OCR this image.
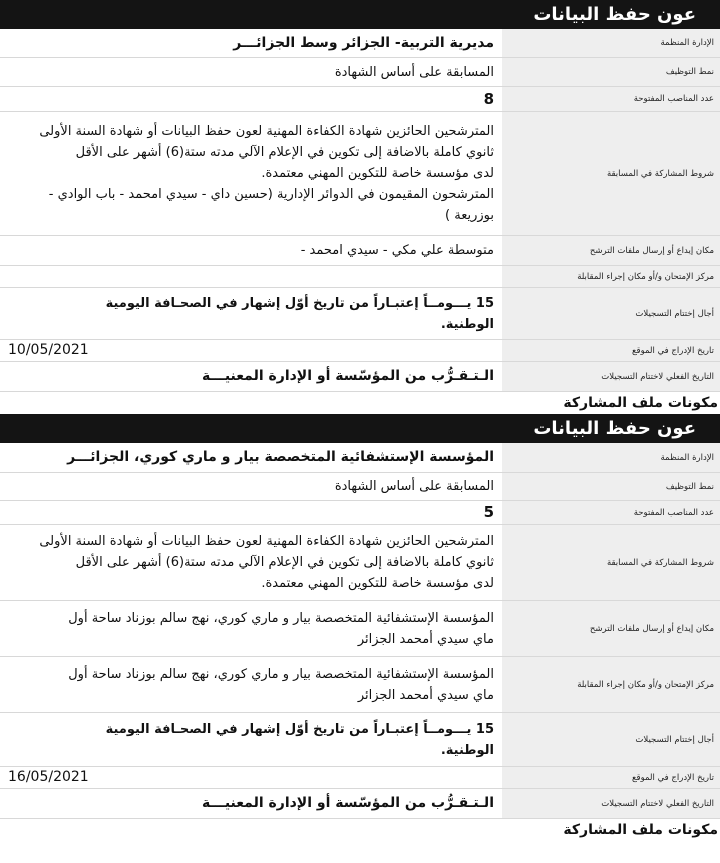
عون حفظ البيانات
الإدارة المنظمة
مديرية التربية- الجزائر وسط الجزائـــر
نمط التوظيف
المسابقة على أساس الشهادة
عدد المناصب المفتوحة
8
شروط المشاركة في المسابقة
المترشحين الحائزين شهادة الكفاءة المهنية لعون حفظ البيانات أو شهادة السنة الأولى
ثانوي كاملة بالاضافة إلى تكوين في الإعلام الآلي مدته ستة(6) أشهر على الأقل
لدى مؤسسة خاصة للتكوين المهني معتمدة.
المترشحون المقيمون في الدوائر الإدارية (حسين داي - سيدي امحمد - باب الوادي -
بوزريعة )
مكان إيداع أو إرسال ملفات الترشح
متوسطة علي مكي - سيدي امحمد -
مركز الإمتحان و/أو مكان إجراء المقابلة
أجال إختتام التسجيلات
15 يـــومــاً إعتبـاراً من تاريخ أوّل إشهار في الصحـافة اليومية
الوطنية.
تاريخ الإدراج في الموقع
10/05/2021
التاريخ الفعلي لاختتام التسجيلات
الـتـقـرُّب من المؤسّسة أو الإدارة المعنيـــة
مكونات ملف المشاركة
عون حفظ البيانات
الإدارة المنظمة
المؤسسة الإستشفائية المتخصصة بيار و ماري كوري، الجزائـــر
نمط التوظيف
المسابقة على أساس الشهادة
عدد المناصب المفتوحة
5
شروط المشاركة في المسابقة
المترشحين الحائزين شهادة الكفاءة المهنية لعون حفظ البيانات أو شهادة السنة الأولى
ثانوي كاملة بالاضافة إلى تكوين في الإعلام الآلي مدته ستة(6) أشهر على الأقل
لدى مؤسسة خاصة للتكوين المهني معتمدة.
مكان إيداع أو إرسال ملفات الترشح
المؤسسة الإستشفائية المتخصصة بيار و ماري كوري، نهج سالم بوزناد ساحة أول
ماي سيدي أمحمد الجزائر
مركز الإمتحان و/أو مكان إجراء المقابلة
المؤسسة الإستشفائية المتخصصة بيار و ماري كوري، نهج سالم بوزناد ساحة أول
ماي سيدي أمحمد الجزائر
أجال إختتام التسجيلات
15 يـــومــاً إعتبـاراً من تاريخ أوّل إشهار في الصحـافة اليومية
الوطنية.
تاريخ الإدراج في الموقع
16/05/2021
التاريخ الفعلي لاختتام التسجيلات
الـتـقـرُّب من المؤسّسة أو الإدارة المعنيـــة
مكونات ملف المشاركة
